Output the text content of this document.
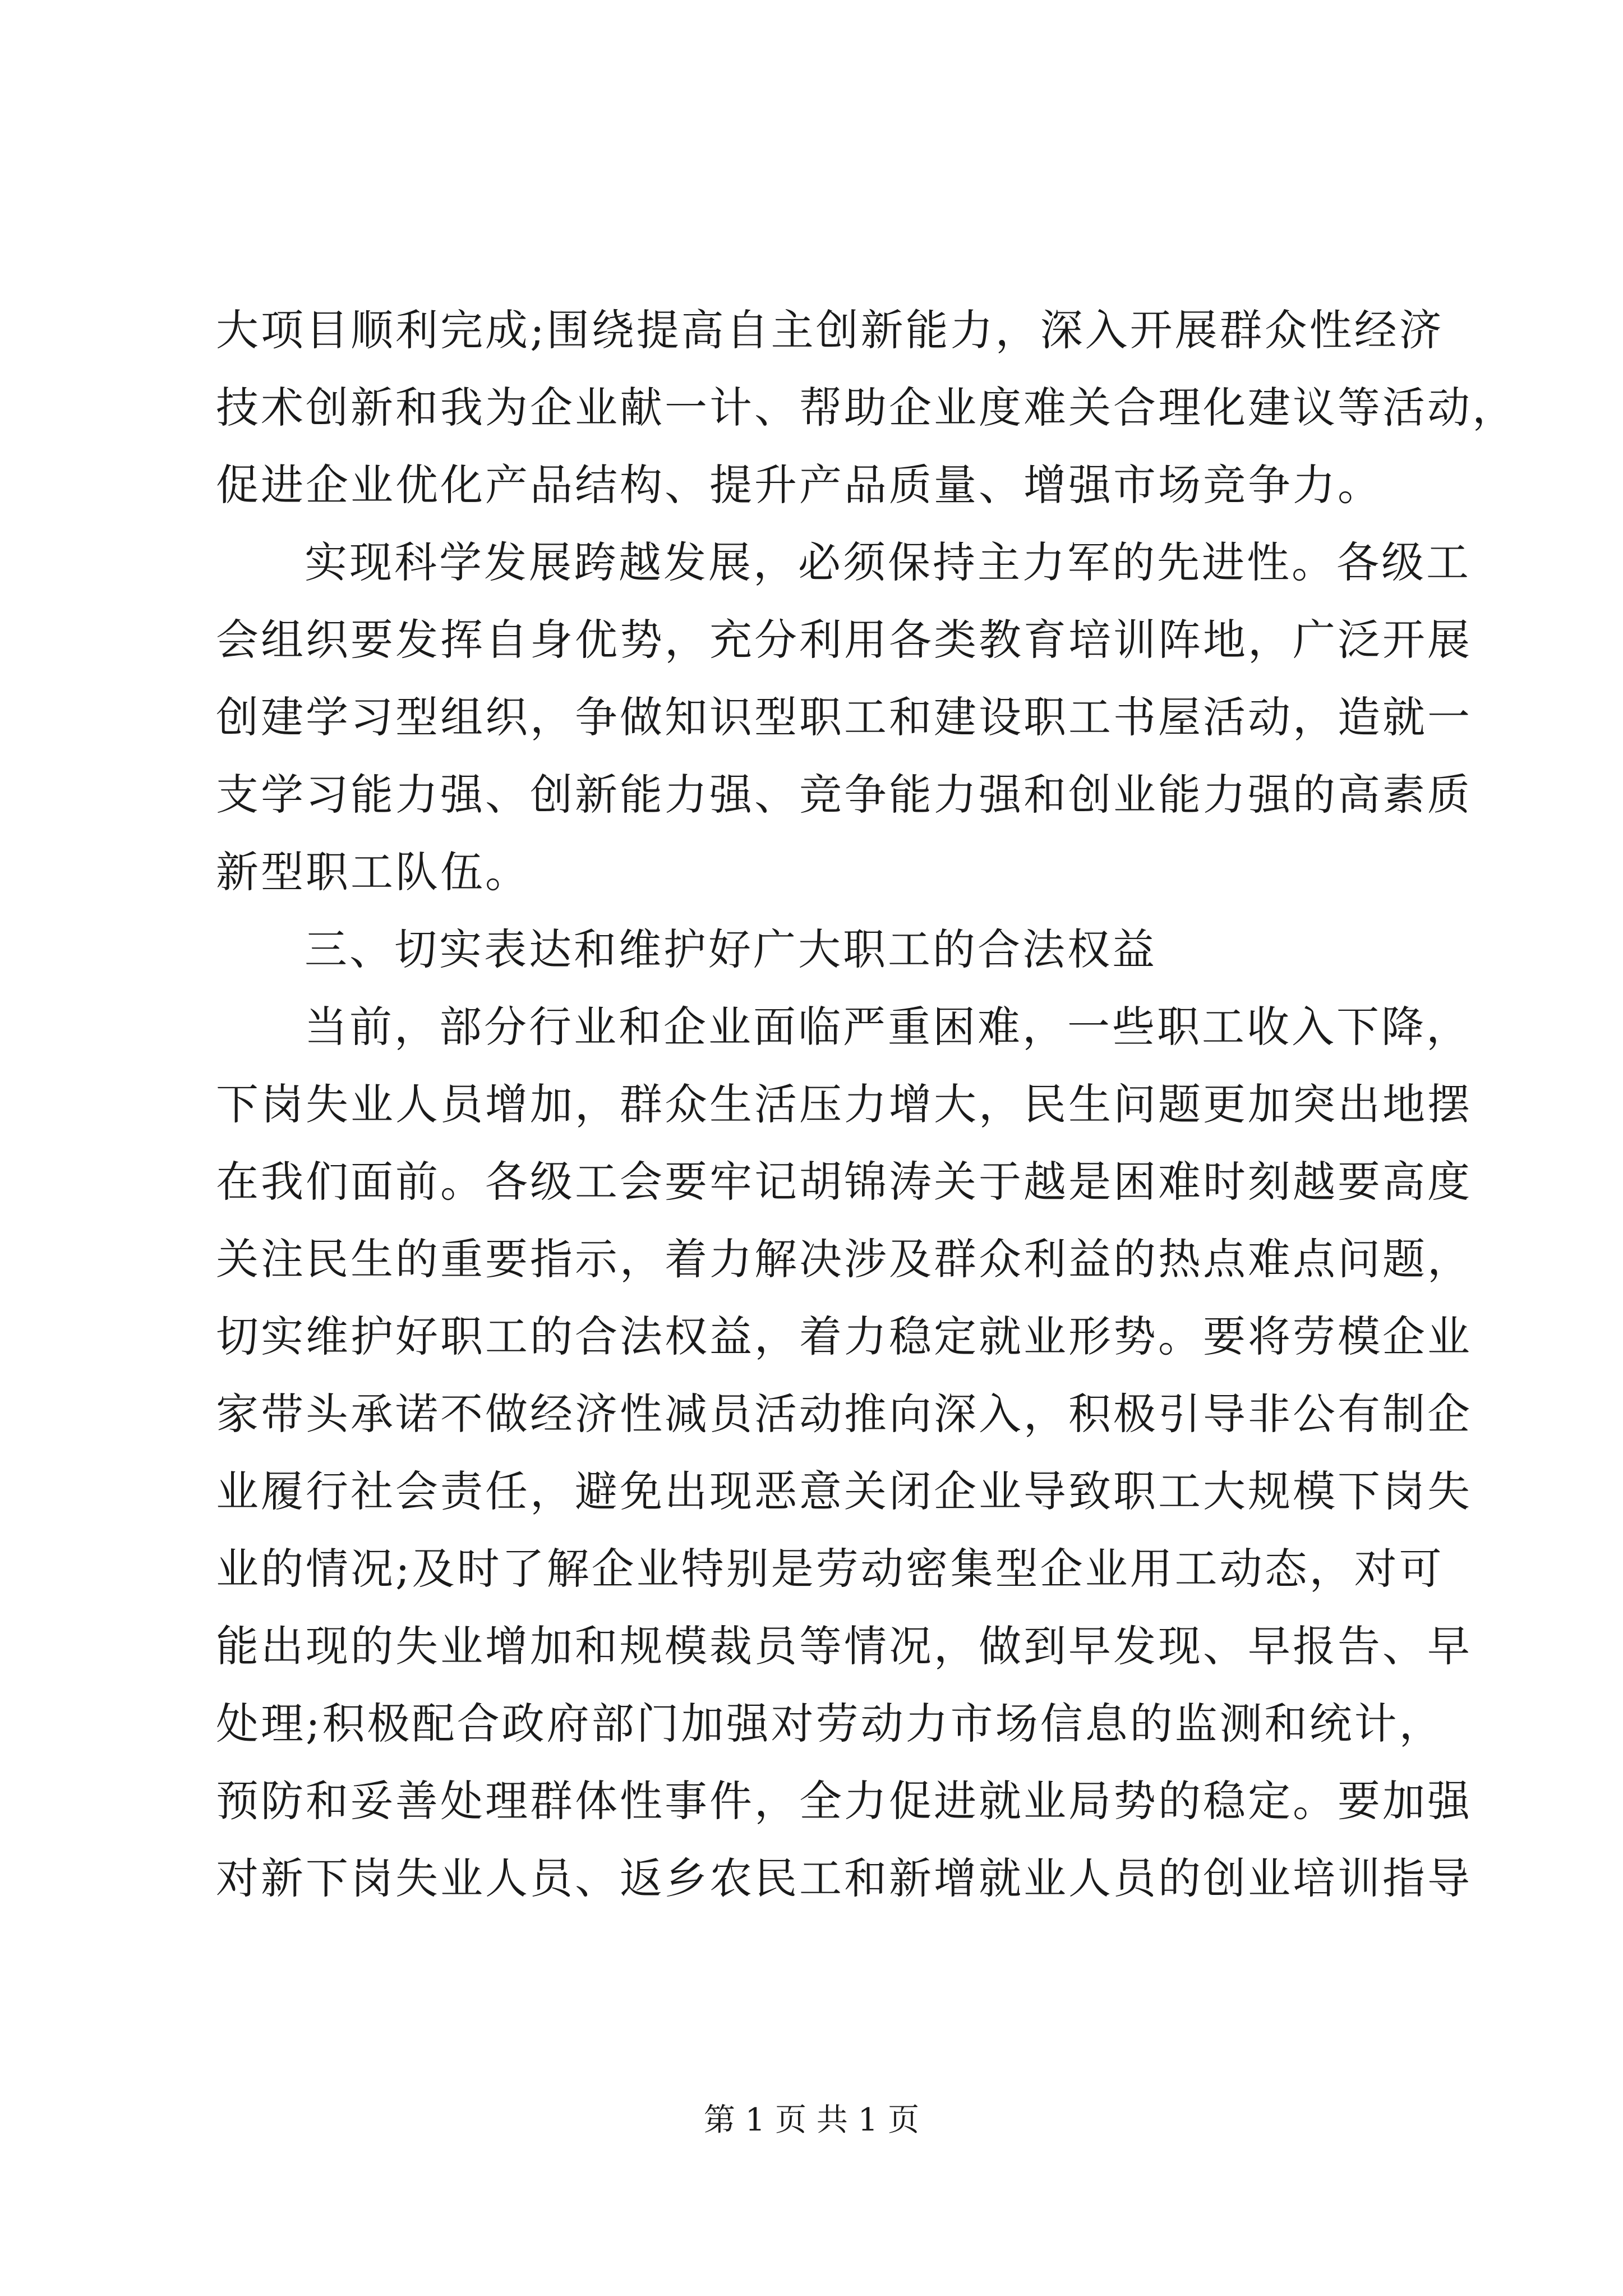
大项目顺利完成;围绕提高自主创新能力，深入开展群众性经济
技术创新和我为企业献一计、帮助企业度难关合理化建议等活动，
促进企业优化产品结构、提升产品质量、增强市场竞争力。
实现科学发展跨越发展，必须保持主力军的先进性。各级工
会组织要发挥自身优势，充分利用各类教育培训阵地，广泛开展
创建学习型组织，争做知识型职工和建设职工书屋活动，造就一
支学习能力强、创新能力强、竞争能力强和创业能力强的高素质
新型职工队伍。
三、切实表达和维护好广大职工的合法权益
当前，部分行业和企业面临严重困难，一些职工收入下降，
下岗失业人员增加，群众生活压力增大，民生问题更加突出地摆
在我们面前。各级工会要牢记胡锦涛关于越是困难时刻越要高度
关注民生的重要指示，着力解决涉及群众利益的热点难点问题，
切实维护好职工的合法权益，着力稳定就业形势。要将劳模企业
家带头承诺不做经济性减员活动推向深入，积极引导非公有制企
业履行社会责任，避免出现恶意关闭企业导致职工大规模下岗失
业的情况;及时了解企业特别是劳动密集型企业用工动态，对可
能出现的失业增加和规模裁员等情况，做到早发现、早报告、早
处理;积极配合政府部门加强对劳动力市场信息的监测和统计，
预防和妥善处理群体性事件，全力促进就业局势的稳定。要加强
对新下岗失业人员、返乡农民工和新增就业人员的创业培训指导
第 1 页 共 1 页
